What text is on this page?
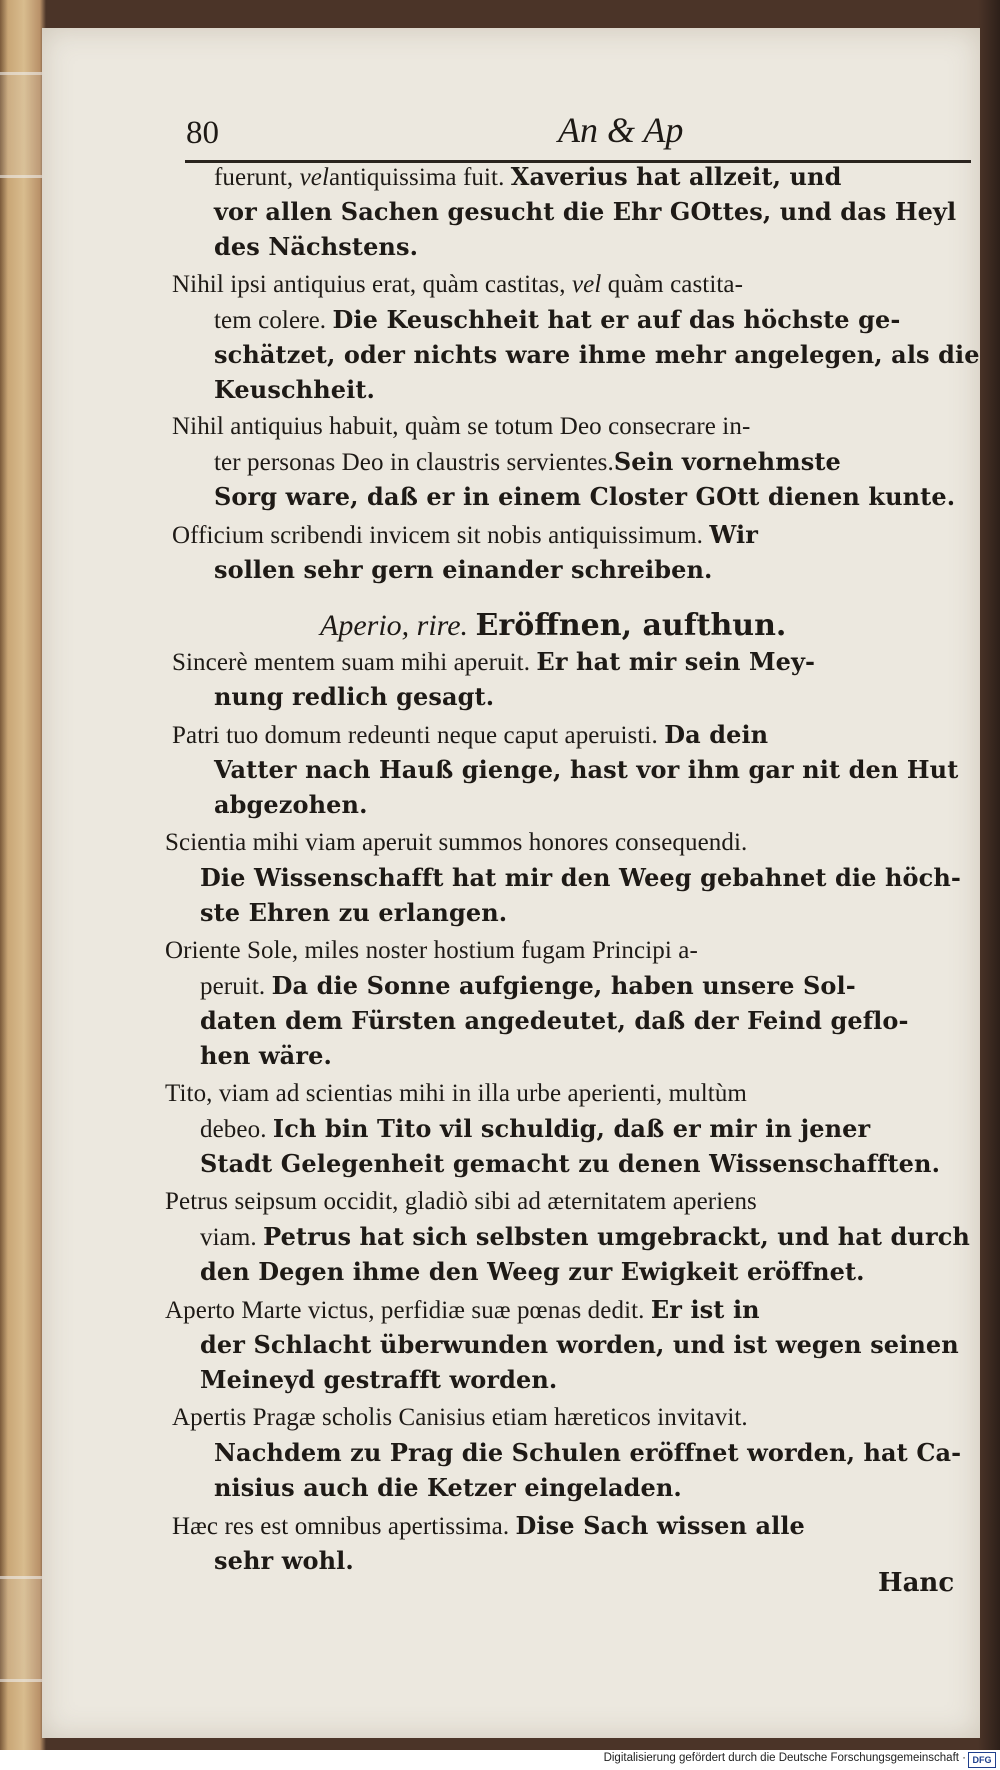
80	An & Ap
fuerunt, velantiquissima fuit. Xaverius hat allzeit, und
vor allen Sachen gesucht die Ehr GOttes, und das Heyl
des Nächstens.
Nihil ipsi antiquius erat, quàm castitas, vel quàm castita-
tem colere. Die Keuschheit hat er auf das höchste ge-
schätzet, oder nichts ware ihme mehr angelegen, als die
Keuschheit.
Nihil antiquius habuit, quàm se totum Deo consecrare in-
ter personas Deo in claustris servientes.Sein vornehmste
Sorg ware, daß er in einem Closter GOtt dienen kunte.
Officium scribendi invicem sit nobis antiquissimum. Wir
sollen sehr gern einander schreiben.
Sincerè mentem suam mihi aperuit. Er hat mir sein Mey-
nung redlich gesagt.
Patri tuo domum redeunti neque caput aperuisti. Da dein
Vatter nach Hauß gienge, hast vor ihm gar nit den Hut
abgezohen.
Scientia mihi viam aperuit summos honores consequendi.
Die Wissenschafft hat mir den Weeg gebahnet die höch-
ste Ehren zu erlangen.
Oriente Sole, miles noster hostium fugam Principi a-
peruit. Da die Sonne aufgienge, haben unsere Sol-
daten dem Fürsten angedeutet, daß der Feind geflo-
hen wäre.
Tito, viam ad scientias mihi in illa urbe aperienti, multùm
debeo. Ich bin Tito vil schuldig, daß er mir in jener
Stadt Gelegenheit gemacht zu denen Wissenschafften.
Petrus seipsum occidit, gladiò sibi ad æternitatem aperiens
viam. Petrus hat sich selbsten umgebrackt, und hat durch
den Degen ihme den Weeg zur Ewigkeit eröffnet.
Aperto Marte victus, perfidiæ suæ pœnas dedit. Er ist in
der Schlacht überwunden worden, und ist wegen seinen
Meineyd gestrafft worden.
Apertis Pragæ scholis Canisius etiam hæreticos invitavit.
Nachdem zu Prag die Schulen eröffnet worden, hat Ca-
nisius auch die Ketzer eingeladen.
Hæc res est omnibus apertissima. Dise Sach wissen alle
sehr wohl.
Aperio, rire. Eröffnen, aufthun.
Hanc
Digitalisierung gefördert durch die Deutsche Forschungsgemeinschaft · DFG
